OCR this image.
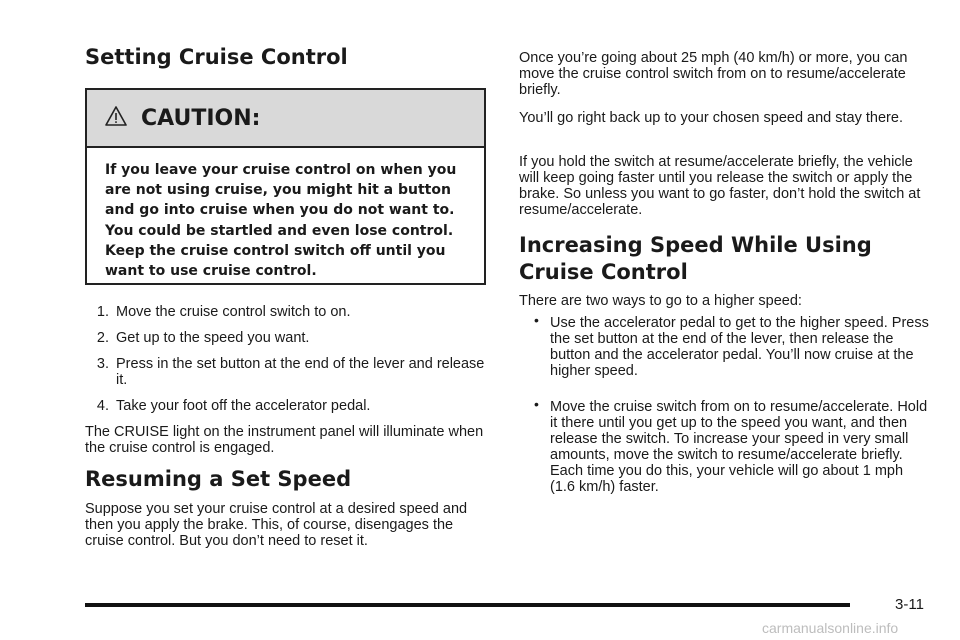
Setting Cruise Control
CAUTION:
If you leave your cruise control on when you are not using cruise, you might hit a button and go into cruise when you do not want to. You could be startled and even lose control. Keep the cruise control switch off until you want to use cruise control.
1. Move the cruise control switch to on.
2. Get up to the speed you want.
3. Press in the set button at the end of the lever and release it.
4. Take your foot off the accelerator pedal.

The CRUISE light on the instrument panel will illuminate when the cruise control is engaged.

Resuming a Set Speed

Suppose you set your cruise control at a desired speed and then you apply the brake. This, of course, disengages the cruise control. But you don’t need to reset it.

Once you’re going about 25 mph (40 km/h) or more, you can move the cruise control switch from on to resume/accelerate briefly.

You’ll go right back up to your chosen speed and stay there.

If you hold the switch at resume/accelerate briefly, the vehicle will keep going faster until you release the switch or apply the brake. So unless you want to go faster, don’t hold the switch at resume/accelerate.

Increasing Speed While Using Cruise Control

There are two ways to go to a higher speed:

• Use the accelerator pedal to get to the higher speed. Press the set button at the end of the lever, then release the button and the accelerator pedal. You’ll now cruise at the higher speed.
• Move the cruise switch from on to resume/accelerate. Hold it there until you get up to the speed you want, and then release the switch. To increase your speed in very small amounts, move the switch to resume/accelerate briefly. Each time you do this, your vehicle will go about 1 mph (1.6 km/h) faster.
3-11
carmanualsonline.info
